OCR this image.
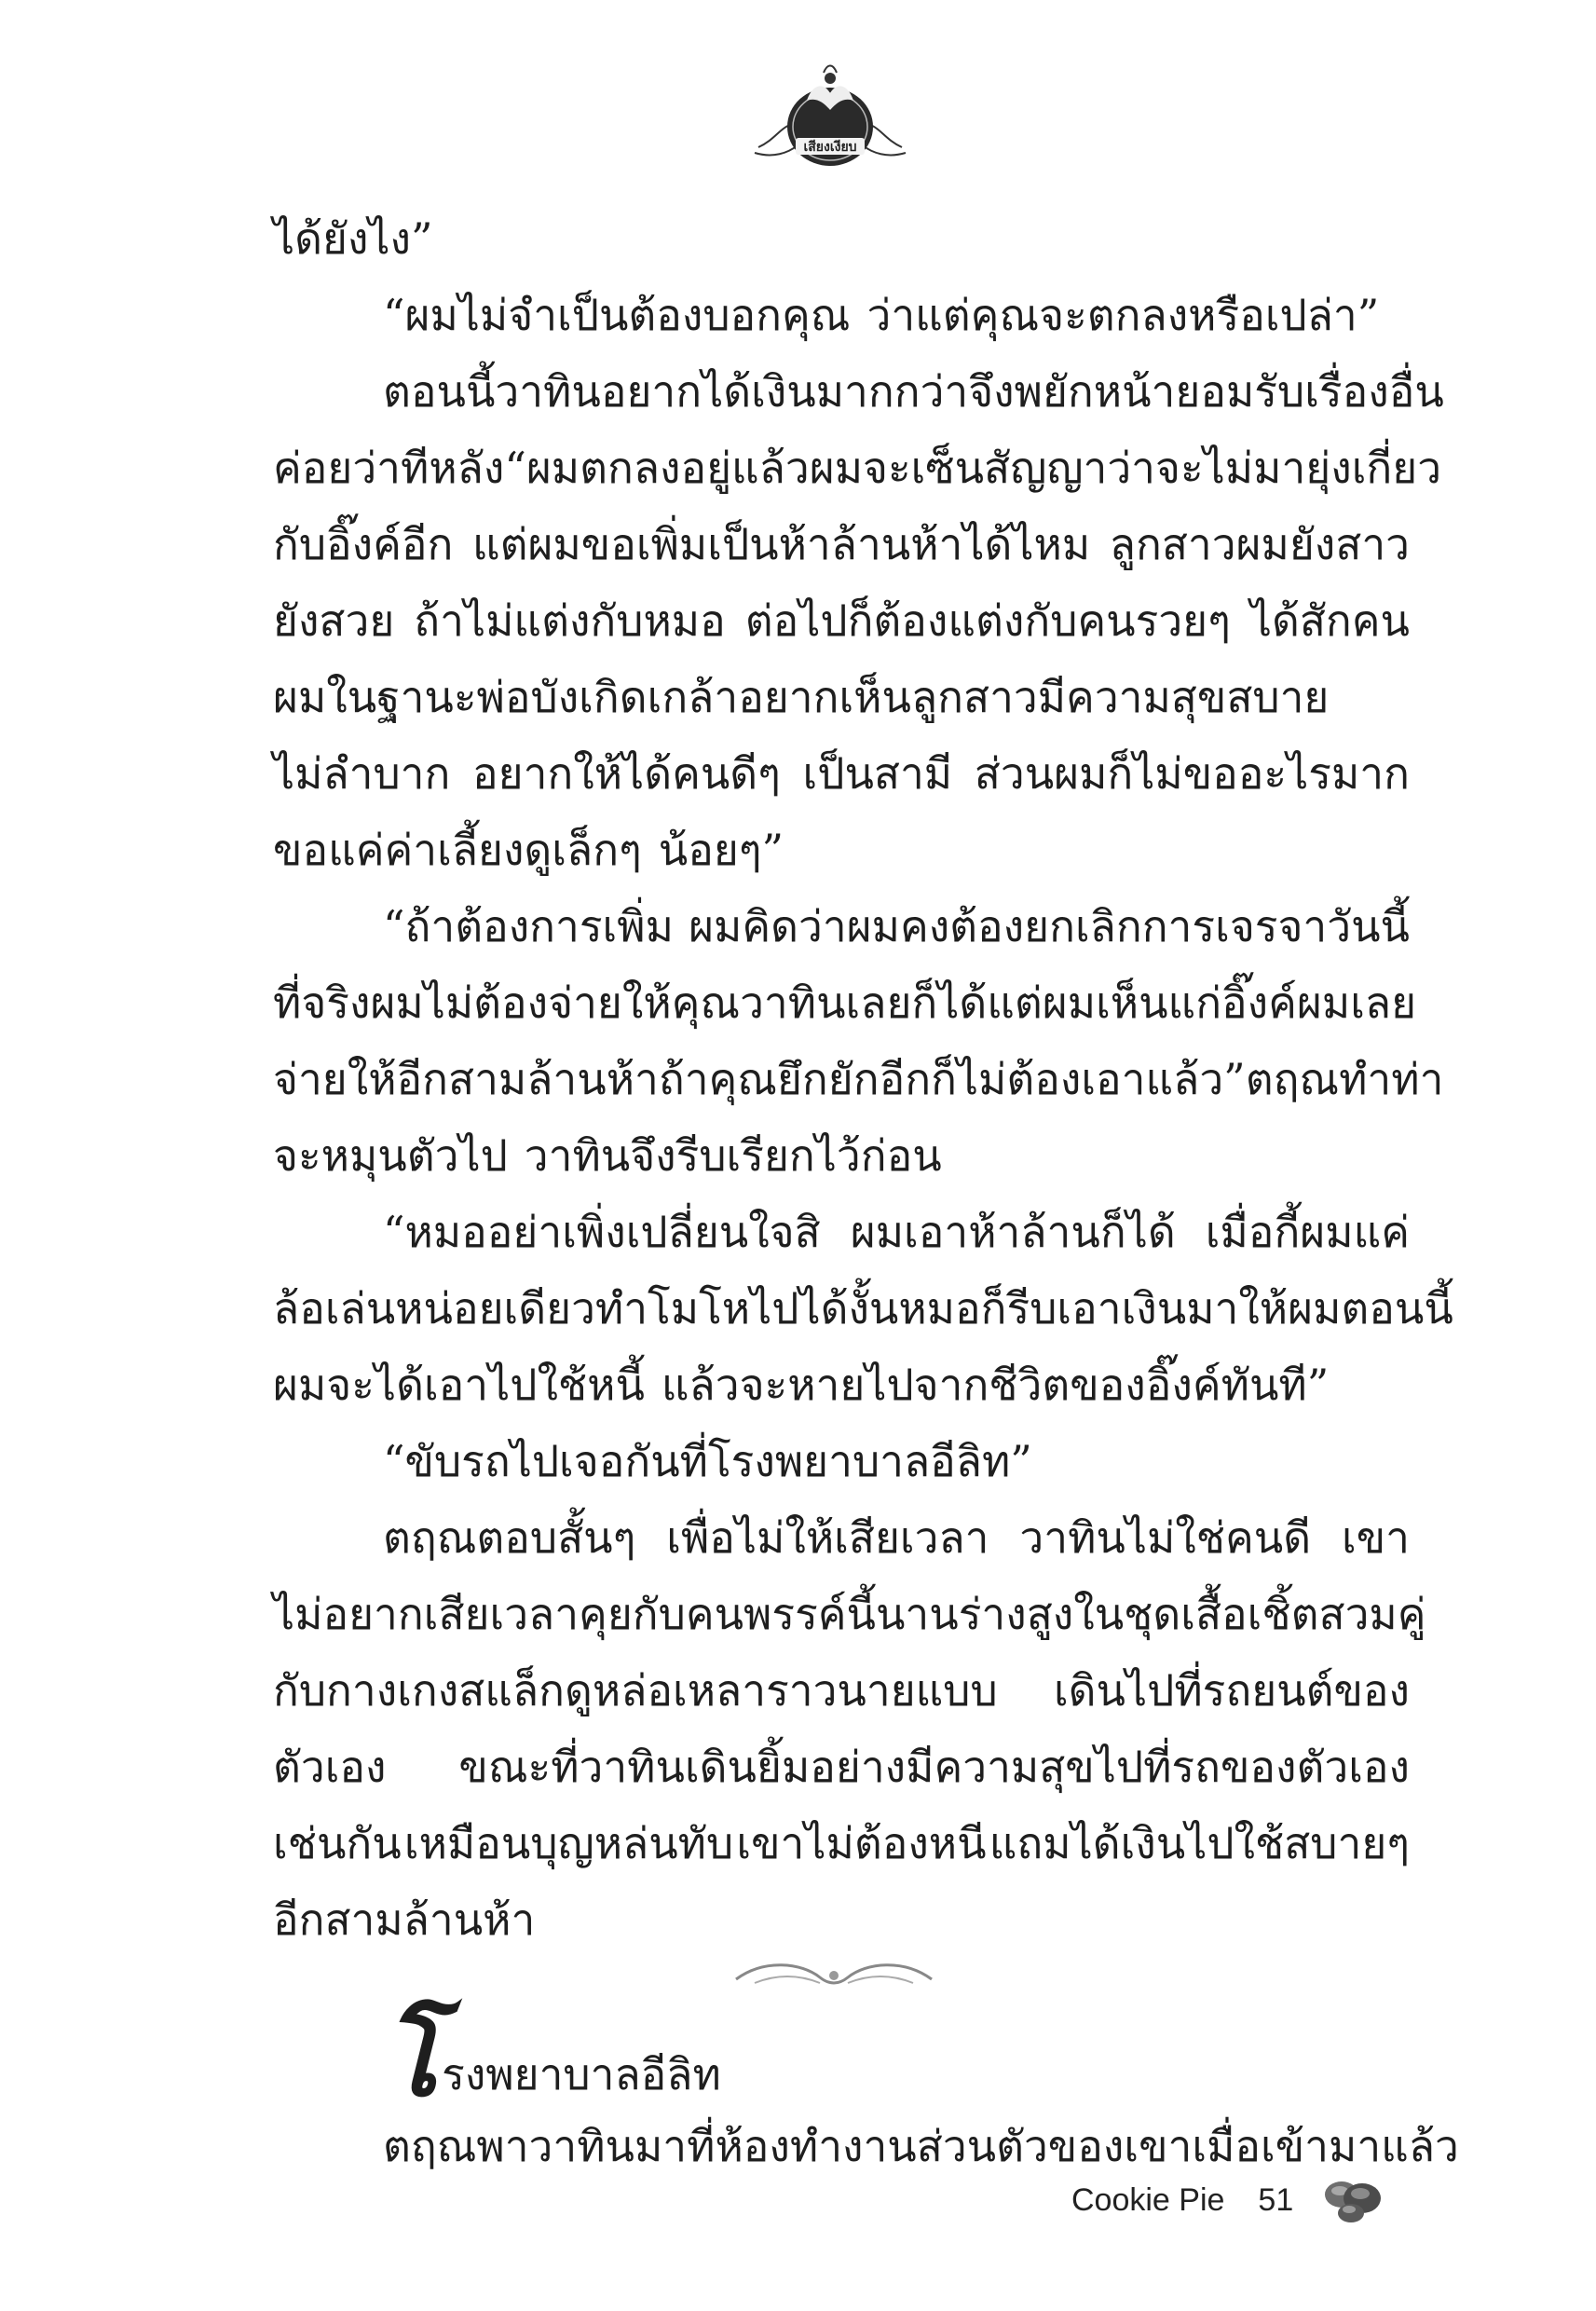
เสียงเงียบ
ได้ยังไง”
“ผมไม่จำเป็นต้องบอกคุณ ว่าแต่คุณจะตกลงหรือเปล่า”
ตอนนี้วาทินอยากได้เงินมากกว่าจึงพยักหน้ายอมรับ เรื่องอื่น
ค่อยว่าทีหลัง “ผมตกลงอยู่แล้ว ผมจะเซ็นสัญญาว่าจะไม่มายุ่งเกี่ยว
กับอิ๊งค์อีก แต่ผมขอเพิ่มเป็นห้าล้านห้าได้ไหม ลูกสาวผมยังสาว
ยังสวย ถ้าไม่แต่งกับหมอ ต่อไปก็ต้องแต่งกับคนรวยๆ ได้สักคน
ผมในฐานะพ่อบังเกิดเกล้าอยากเห็นลูกสาวมีความสุขสบาย
ไม่ลำบาก อยากให้ได้คนดีๆ เป็นสามี ส่วนผมก็ไม่ขออะไรมาก
ขอแค่ค่าเลี้ยงดูเล็กๆ น้อยๆ”
“ถ้าต้องการเพิ่ม ผมคิดว่าผมคงต้องยกเลิกการเจรจาวันนี้
ที่จริงผมไม่ต้องจ่ายให้คุณวาทินเลยก็ได้ แต่ผมเห็นแก่อิ๊งค์ ผมเลย
จ่ายให้อีกสามล้านห้า ถ้าคุณยึกยักอีก ก็ไม่ต้องเอาแล้ว” ตฤณทำท่า
จะหมุนตัวไป วาทินจึงรีบเรียกไว้ก่อน
“หมออย่าเพิ่งเปลี่ยนใจสิ ผมเอาห้าล้านก็ได้ เมื่อกี้ผมแค่
ล้อเล่นหน่อยเดียวทำโมโหไปได้ งั้นหมอก็รีบเอาเงินมาให้ผมตอนนี้
ผมจะได้เอาไปใช้หนี้ แล้วจะหายไปจากชีวิตของอิ๊งค์ทันที”
“ขับรถไปเจอกันที่โรงพยาบาลอีลิท”
ตฤณตอบสั้นๆ เพื่อไม่ให้เสียเวลา วาทินไม่ใช่คนดี เขา
ไม่อยากเสียเวลาคุยกับคนพรรค์นี้นาน ร่างสูงในชุดเสื้อเชิ้ตสวมคู่
กับกางเกงสแล็กดูหล่อเหลาราวนายแบบ เดินไปที่รถยนต์ของ
ตัวเอง ขณะที่วาทินเดินยิ้มอย่างมีความสุขไปที่รถของตัวเอง
เช่นกัน เหมือนบุญหล่นทับ เขาไม่ต้องหนี แถมได้เงินไปใช้สบายๆ
อีกสามล้านห้า
โ รงพยาบาลอีลิท
ตฤณพาวาทินมาที่ห้องทำงานส่วนตัวของเขา เมื่อเข้ามาแล้ว
Cookie Pie 51
